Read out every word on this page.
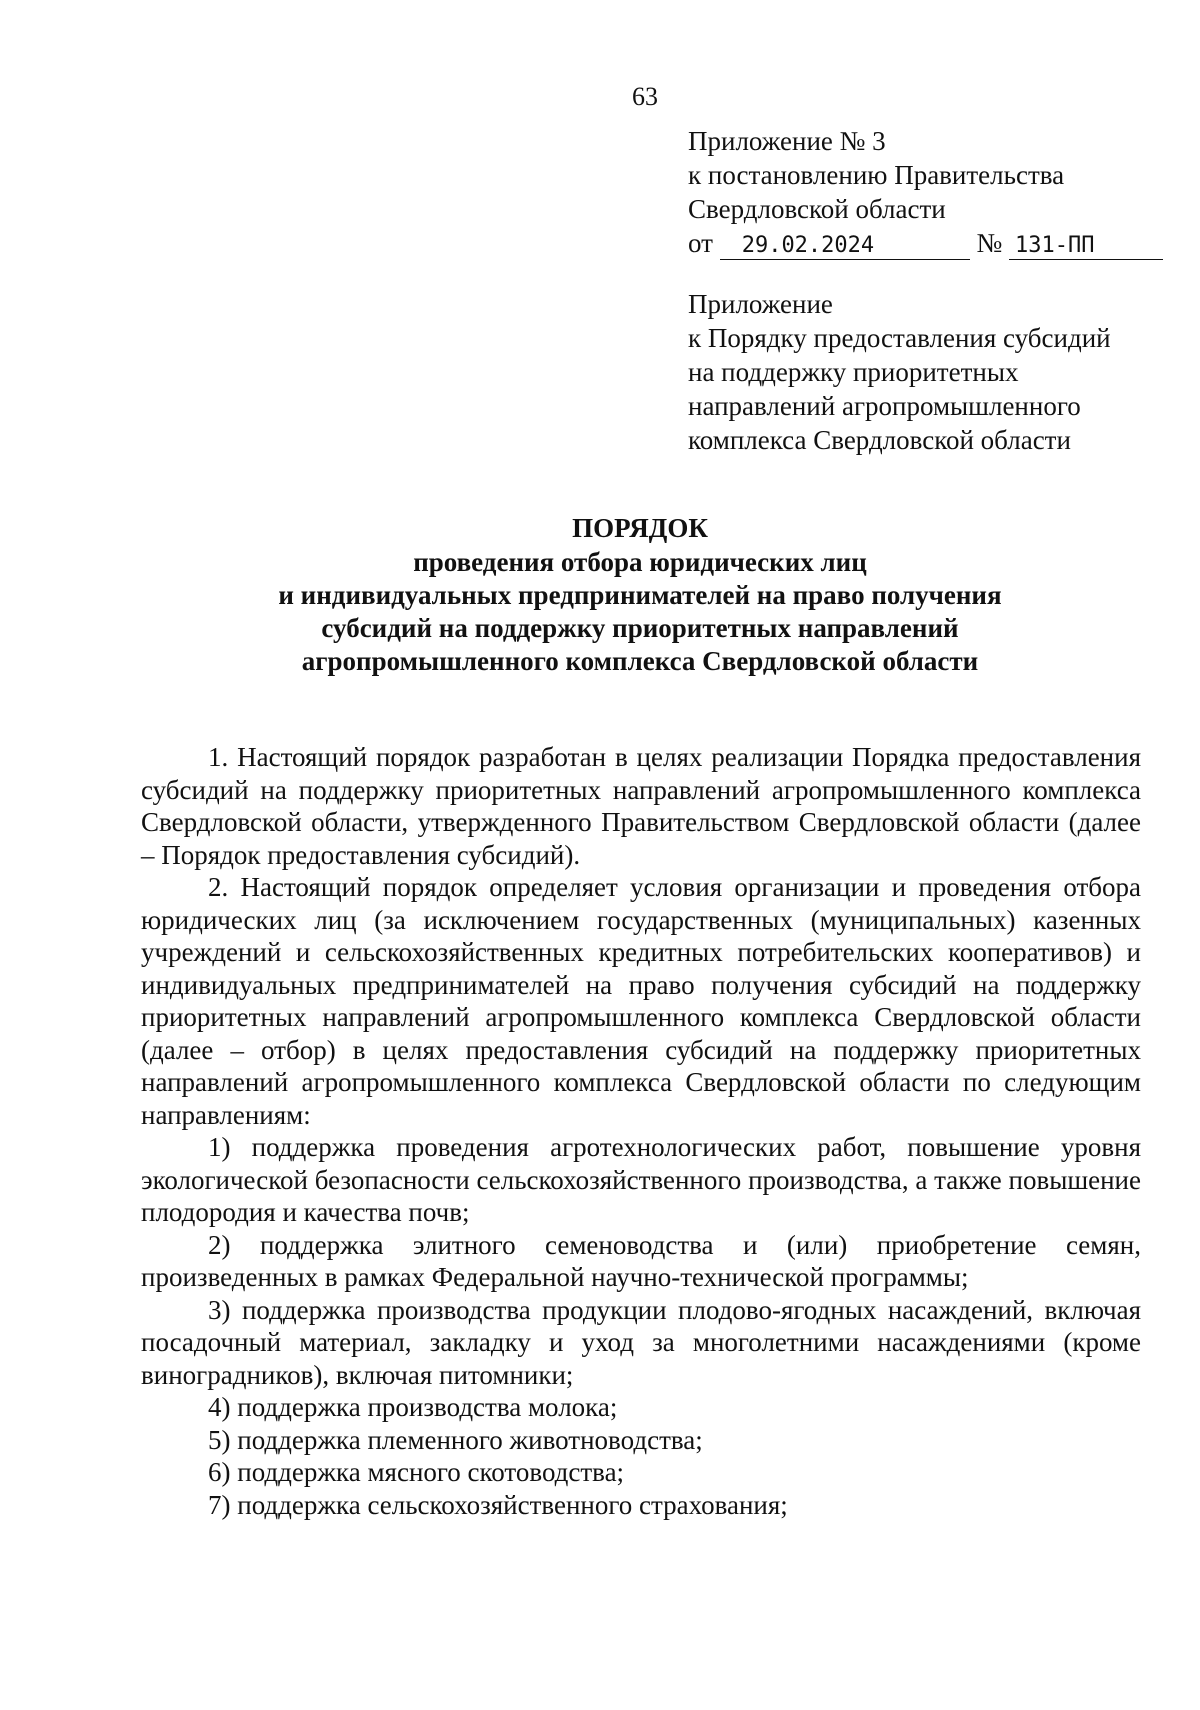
63
Приложение № 3
к постановлению Правительства
Свердловской области
от 29.02.2024	№ 131-ПП
Приложение
к Порядку предоставления субсидий
на поддержку приоритетных
направлений агропромышленного
комплекса Свердловской области
ПОРЯДОК
проведения отбора юридических лиц
и индивидуальных предпринимателей на право получения
субсидий на поддержку приоритетных направлений
агропромышленного комплекса Свердловской области

1. Настоящий порядок разработан в целях реализации Порядка предоставления субсидий на поддержку приоритетных направлений агропромышленного комплекса Свердловской области, утвержденного Правительством Свердловской области (далее – Порядок предоставления субсидий).

2. Настоящий порядок определяет условия организации и проведения отбора юридических лиц (за исключением государственных (муниципальных) казенных учреждений и сельскохозяйственных кредитных потребительских кооперативов) и индивидуальных предпринимателей на право получения субсидий на поддержку приоритетных направлений агропромышленного комплекса Свердловской области (далее – отбор) в целях предоставления субсидий на поддержку приоритетных направлений агропромышленного комплекса Свердловской области по следующим направлениям:

1) поддержка проведения агротехнологических работ, повышение уровня экологической безопасности сельскохозяйственного производства, а также повышение плодородия и качества почв;

2) поддержка элитного семеноводства и (или) приобретение семян, произведенных в рамках Федеральной научно-технической программы;

3) поддержка производства продукции плодово-ягодных насаждений, включая посадочный материал, закладку и уход за многолетними насаждениями (кроме виноградников), включая питомники;

4) поддержка производства молока;

5) поддержка племенного животноводства;

6) поддержка мясного скотоводства;

7) поддержка сельскохозяйственного страхования;
